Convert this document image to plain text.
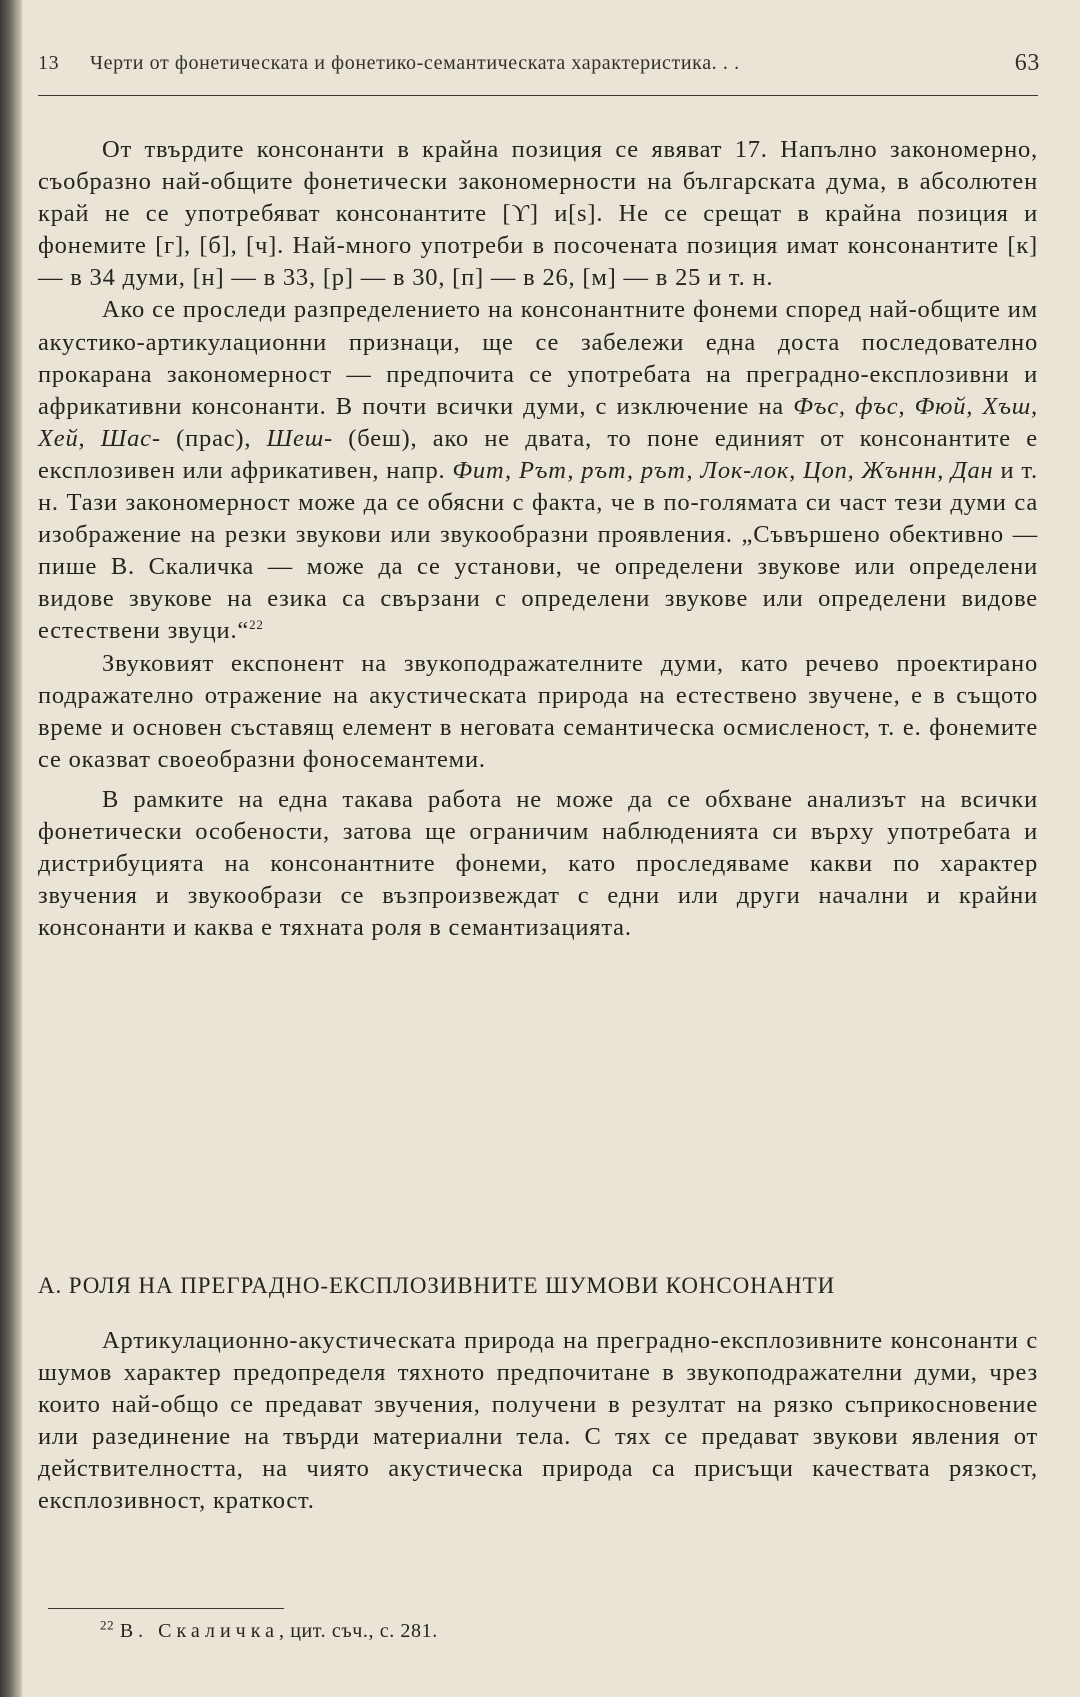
13 Черти от фонетическата и фонетико-семантическата характеристика. . .	63

От твърдите консонанти в крайна позиция се явяват 17. Напълно закономерно, съобразно най-общите фонетически закономерности на българската дума, в абсолютен край не се употребяват консонантите [ϒ] и[s]. Не се срещат в крайна позиция и фонемите [г], [б], [ч]. Най-много употреби в посочената позиция имат консонантите [к] — в 34 думи, [н] — в 33, [р] — в 30, [п] — в 26, [м] — в 25 и т. н.

Ако се проследи разпределението на консонантните фонеми според най-общите им акустико-артикулационни признаци, ще се забележи една доста последователно прокарана закономерност — предпочита се употребата на преградно-експлозивни и африкативни консонанти. В почти всички думи, с изключение на Фъс, фъс, Фюй, Хъш, Хей, Шас- (прас), Шеш- (беш), ако не двата, то поне единият от консонантите е експлозивен или африкативен, напр. Фит, Рът, рът, рът, Лок-лок, Цоп, Жъннн, Дан и т. н. Тази закономерност може да се обясни с факта, че в по-голямата си част тези думи са изображение на резки звукови или звукообразни проявления. „Съвършено обективно — пише В. Скаличка — може да се установи, че определени звукове или определени видове звукове на езика са свързани с определени звукове или определени видове естествени звуци.“$^{22}$

Звуковият експонент на звукоподражателните думи, като речево проектирано подражателно отражение на акустическата природа на естествено звучене, е в същото време и основен съставящ елемент в неговата семантическа осмисленост, т. е. фонемите се оказват своеобразни фоносемантеми.

В рамките на една такава работа не може да се обхване анализът на всички фонетически особености, затова ще ограничим наблюденията си върху употребата и дистрибуцията на консонантните фонеми, като проследяваме какви по характер звучения и звукообрази се възпроизвеждат с едни или други начални и крайни консонанти и каква е тяхната роля в семантизацията.

А. РОЛЯ НА ПРЕГРАДНО-ЕКСПЛОЗИВНИТЕ ШУМОВИ КОНСОНАНТИ

Артикулационно-акустическата природа на преградно-експлозивните консонанти с шумов характер предопределя тяхното предпочитане в звукоподражателни думи, чрез които най-общо се предават звучения, получени в резултат на рязко съприкосновение или разединение на твърди материални тела. С тях се предават звукови явления от действителността, на чиято акустическа природа са присъщи качествата рязкост, експлозивност, краткост.

$^{22}$ В. Скаличка, цит. съч., с. 281.
